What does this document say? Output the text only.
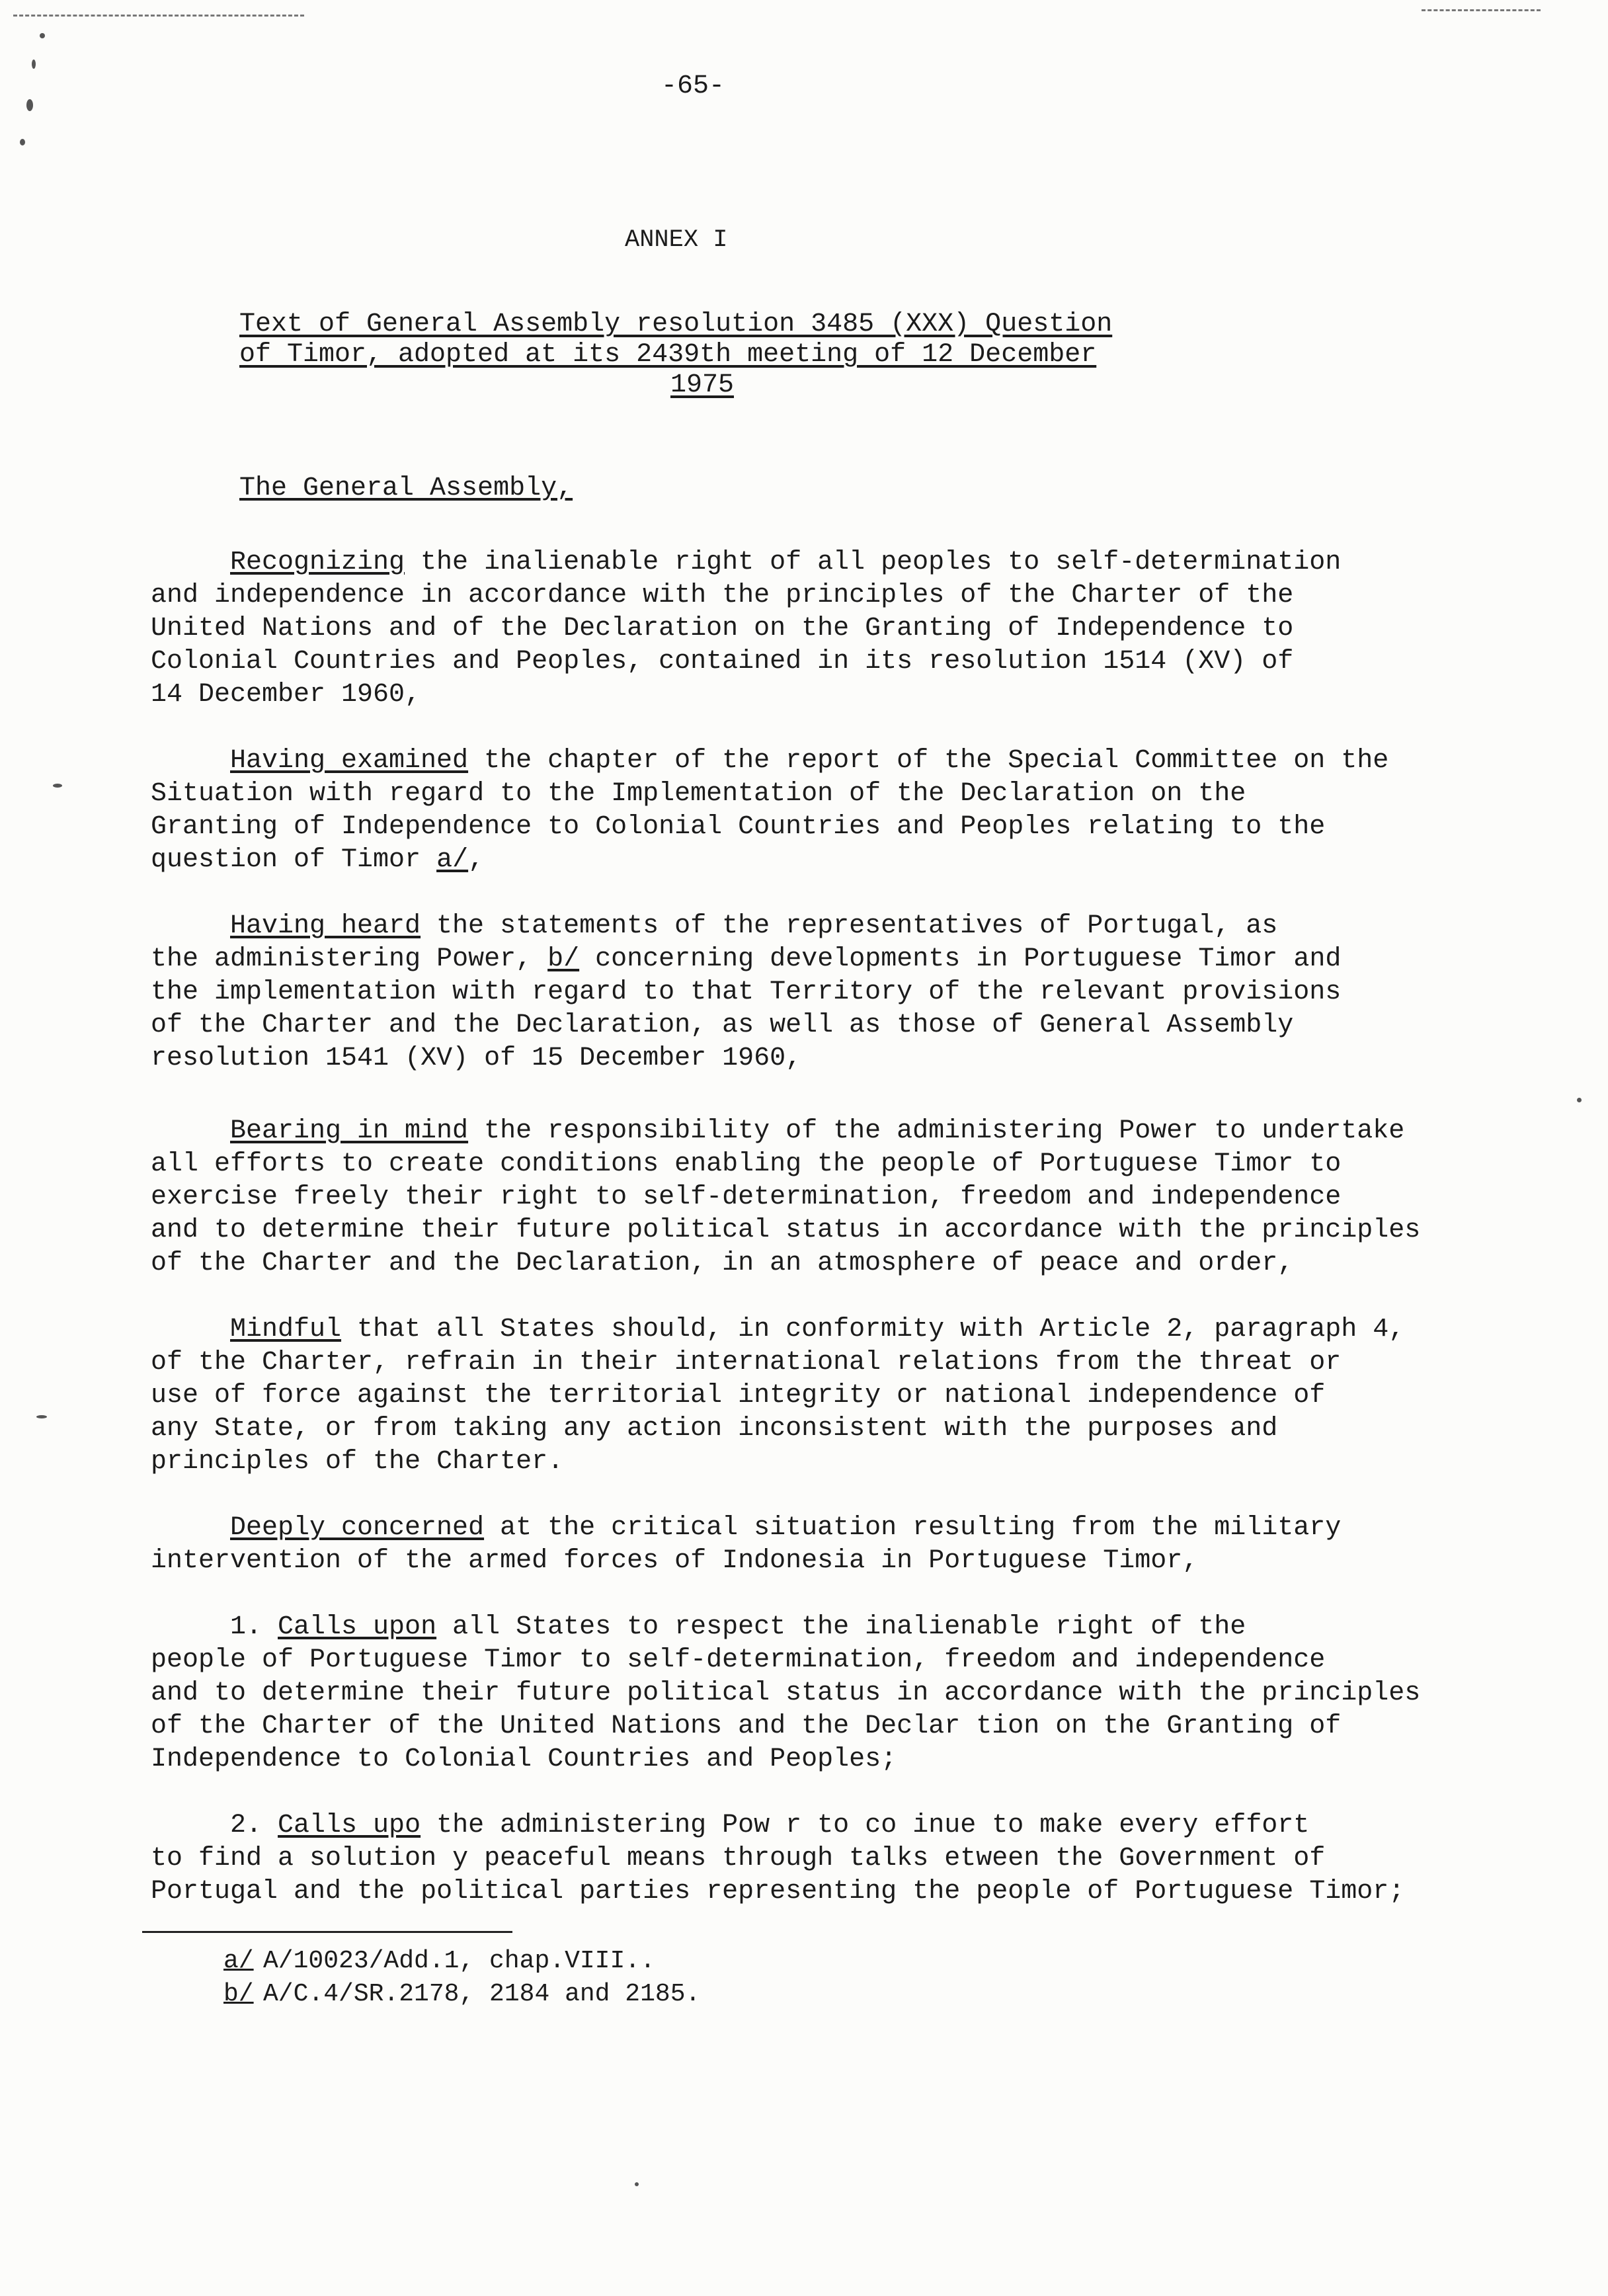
-65-
ANNEX I
Text of General Assembly resolution 3485 (XXX) Question
of Timor, adopted at its 2439th meeting of 12 December
1975
The General Assembly,
Recognizing the inalienable right of all peoples to self-determination
and independence in accordance with the principles of the Charter of the
United Nations and of the Declaration on the Granting of Independence to
Colonial Countries and Peoples, contained in its resolution 1514 (XV) of
14 December 1960,
Having examined the chapter of the report of the Special Committee on the
Situation with regard to the Implementation of the Declaration on the
Granting of Independence to Colonial Countries and Peoples relating to the
question of Timor a/,
Having heard the statements of the representatives of Portugal, as
the administering Power, b/ concerning developments in Portuguese Timor and
the implementation with regard to that Territory of the relevant provisions
of the Charter and the Declaration, as well as those of General Assembly
resolution 1541 (XV) of 15 December 1960,
Bearing in mind the responsibility of the administering Power to undertake
all efforts to create conditions enabling the people of Portuguese Timor to
exercise freely their right to self-determination, freedom and independence
and to determine their future political status in accordance with the principles
of the Charter and the Declaration, in an atmosphere of peace and order,
Mindful that all States should, in conformity with Article 2, paragraph 4,
of the Charter, refrain in their international relations from the threat or
use of force against the territorial integrity or national independence of
any State, or from taking any action inconsistent with the purposes and
principles of the Charter.
Deeply concerned at the critical situation resulting from the military
intervention of the armed forces of Indonesia in Portuguese Timor,
1. Calls upon all States to respect the inalienable right of the
people of Portuguese Timor to self-determination, freedom and independence
and to determine their future political status in accordance with the principles
of the Charter of the United Nations and the Declar tion on the Granting of
Independence to Colonial Countries and Peoples;
2. Calls upo the administering Pow r to co inue to make every effort
to find a solution y peaceful means through talks etween the Government of
Portugal and the political parties representing the people of Portuguese Timor;
a/ A/10023/Add.1, chap.VIII..
b/ A/C.4/SR.2178, 2184 and 2185.
